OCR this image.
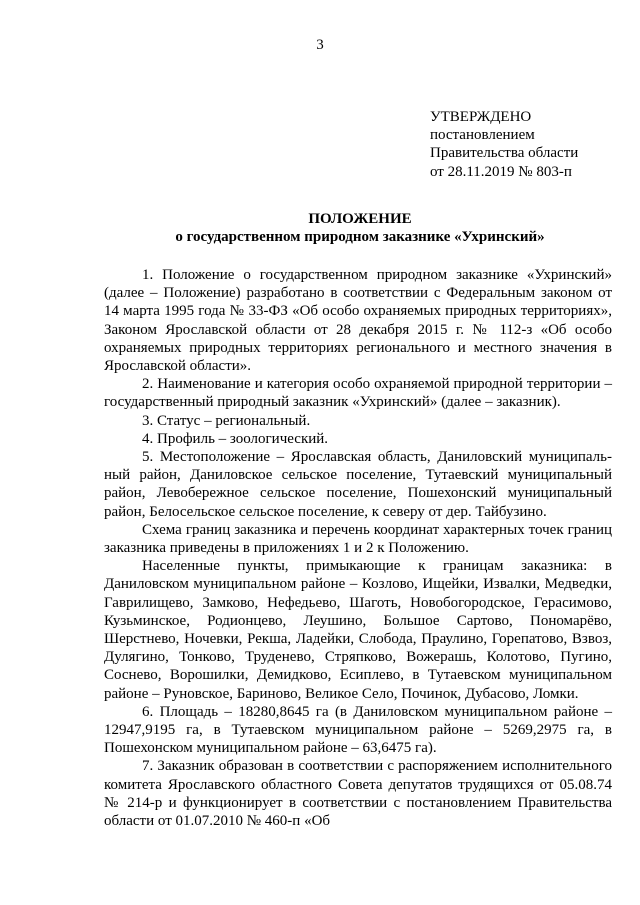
3
УТВЕРЖДЕНО
постановлением
Правительства области
от 28.11.2019 № 803-п
ПОЛОЖЕНИЕ
о государственном природном заказнике «Ухринский»

1. Положение о государственном природном заказнике «Ухринский» (далее – Положение) разработано в соответствии с Федеральным законом от 14 марта 1995 года № 33-ФЗ «Об особо охраняемых природных территориях», Законом Ярославской области от 28 декабря 2015 г. № 112-з «Об особо охраняемых природных территориях регионального и местного значения в Ярославской области».

2. Наименование и категория особо охраняемой природной территории – государственный природный заказник «Ухринский» (далее – заказник).

3. Статус – региональный.

4. Профиль – зоологический.

5. Местоположение – Ярославская область, Даниловский муниципальный район, Даниловское сельское поселение, Тутаевский муниципальный район, Левобережное сельское поселение, Пошехонский муниципальный район, Белосельское сельское поселение, к северу от дер. Тайбузино.

Схема границ заказника и перечень координат характерных точек границ заказника приведены в приложениях 1 и 2 к Положению.

Населенные пункты, примыкающие к границам заказника: в Даниловском муниципальном районе – Козлово, Ищейки, Извалки, Медведки, Гаврилищево, Замково, Нефедьево, Шаготь, Новобогородское, Герасимово, Кузьминское, Родионцево, Леушино, Большое Сартово, Пономарёво, Шерстнево, Ночевки, Рекша, Ладейки, Слобода, Праулино, Горепатово, Взвоз, Дулягино, Тонково, Труденево, Стряпково, Вожерашь, Колотово, Пугино, Соснево, Ворошилки, Демидково, Есиплево, в Тутаевском муниципальном районе – Руновское, Бариново, Великое Село, Починок, Дубасово, Ломки.

6. Площадь – 18280,8645 га (в Даниловском муниципальном районе – 12947,9195 га, в Тутаевском муниципальном районе – 5269,2975 га, в Пошехонском муниципальном районе – 63,6475 га).

7. Заказник образован в соответствии с распоряжением исполнительного комитета Ярославского областного Совета депутатов трудящихся от 05.08.74 № 214-р и функционирует в соответствии с постановлением Правительства области от 01.07.2010 № 460-п «Об
